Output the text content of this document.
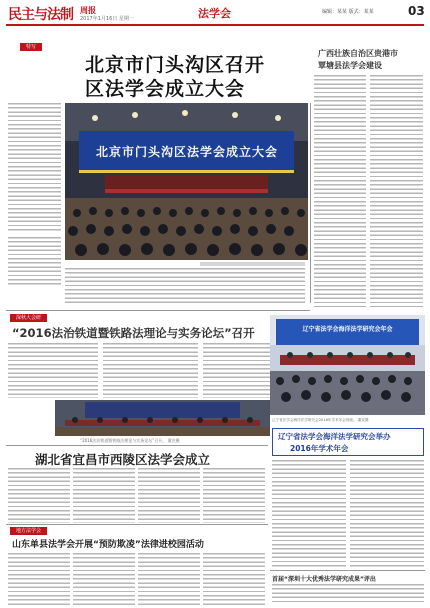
民主与法制 周报
2017年1月16日 星期一	法学会	编辑：某某 版式：某某	03
特写
北京市门头沟区召开
区法学会成立大会
北京市门头沟区法学会成立大会
广西壮族自治区贵港市
覃塘县法学会建设
深秋大会研
“2016法治铁道暨铁路法理论与实务论坛”召开
“2016法治铁道暨铁路法理论与实务论坛”召开。 董宣摄
湖北省宜昌市西陵区法学会成立
辽宁省法学会海洋法学研究会年会
辽宁省法学会海洋法学研究会2016年学术年会现场。 董宣摄
辽宁省法学会海洋法学研究会举办
2016年学术年会
地方法学会
山东单县法学会开展“预防欺凌”法律进校园活动
首届“深圳十大优秀法学研究成果”评出
